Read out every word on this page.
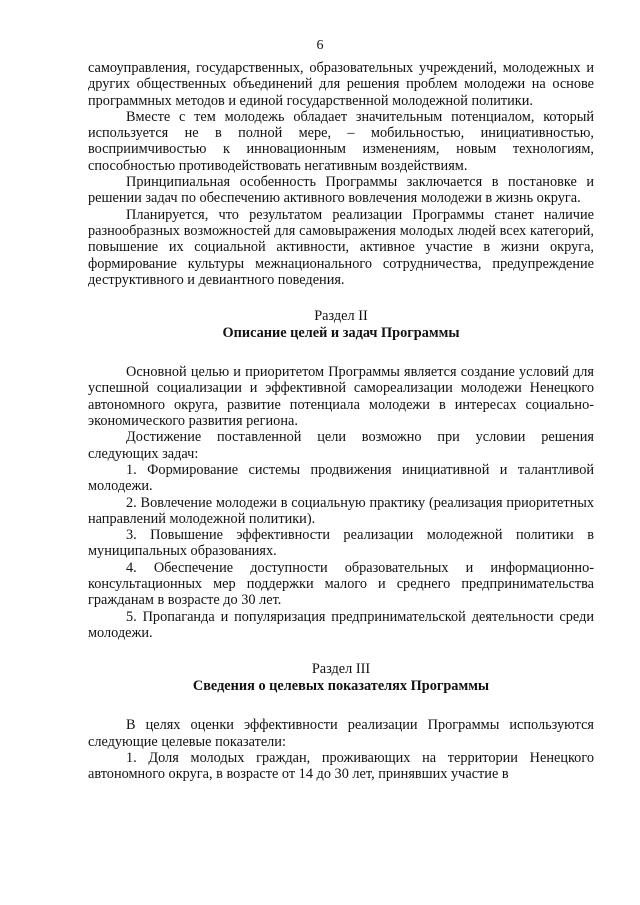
6

самоуправления, государственных, образовательных учреждений, молодежных и других общественных объединений для решения проблем молодежи на основе программных методов и единой государственной молодежной политики.

Вместе с тем молодежь обладает значительным потенциалом, который используется не в полной мере, – мобильностью, инициативностью, восприимчивостью к инновационным изменениям, новым технологиям, способностью противодействовать негативным воздействиям.

Принципиальная особенность Программы заключается в постановке и решении задач по обеспечению активного вовлечения молодежи в жизнь округа.

Планируется, что результатом реализации Программы станет наличие разнообразных возможностей для самовыражения молодых людей всех категорий, повышение их социальной активности, активное участие в жизни округа, формирование культуры межнационального сотрудничества, предупреждение деструктивного и девиантного поведения.

Раздел II
Описание целей и задач Программы

Основной целью и приоритетом Программы является создание условий для успешной социализации и эффективной самореализации молодежи Ненецкого автономного округа, развитие потенциала молодежи в интересах социально-экономического развития региона.

Достижение поставленной цели возможно при условии решения следующих задач:

1. Формирование системы продвижения инициативной и талантливой молодежи.

2. Вовлечение молодежи в социальную практику (реализация приоритетных направлений молодежной политики).

3. Повышение эффективности реализации молодежной политики в муниципальных образованиях.

4. Обеспечение доступности образовательных и информационно-консультационных мер поддержки малого и среднего предпринимательства гражданам в возрасте до 30 лет.

5. Пропаганда и популяризация предпринимательской деятельности среди молодежи.

Раздел III
Сведения о целевых показателях Программы

В целях оценки эффективности реализации Программы используются следующие целевые показатели:

1. Доля молодых граждан, проживающих на территории Ненецкого автономного округа, в возрасте от 14 до 30 лет, принявших участие в
